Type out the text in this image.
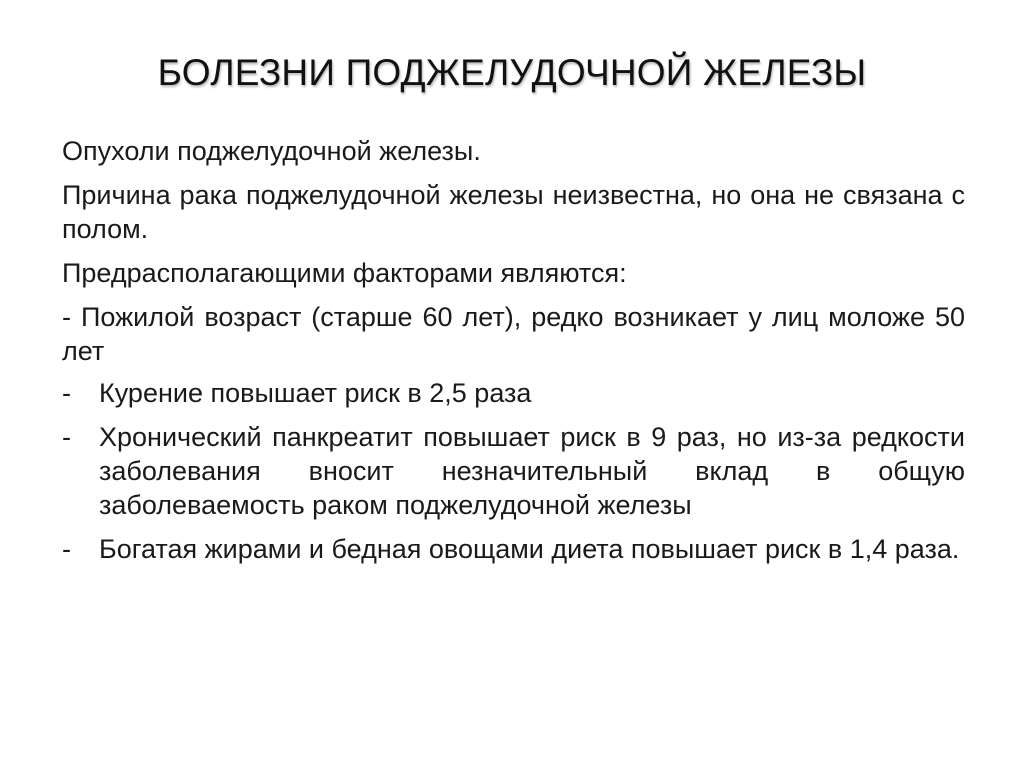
БОЛЕЗНИ ПОДЖЕЛУДОЧНОЙ ЖЕЛЕЗЫ

Опухоли поджелудочной железы.

Причина рака поджелудочной железы неизвестна, но она не связана с полом.

Предрасполагающими факторами являются:

- Пожилой возраст (старше 60 лет), редко возникает у лиц моложе 50 лет

- Курение повышает риск в 2,5 раза
- Хронический панкреатит повышает риск в 9 раз, но из-за редкости заболевания вносит незначительный вклад в общую заболеваемость раком поджелудочной железы
- Богатая жирами и бедная овощами диета повышает риск в 1,4 раза.
